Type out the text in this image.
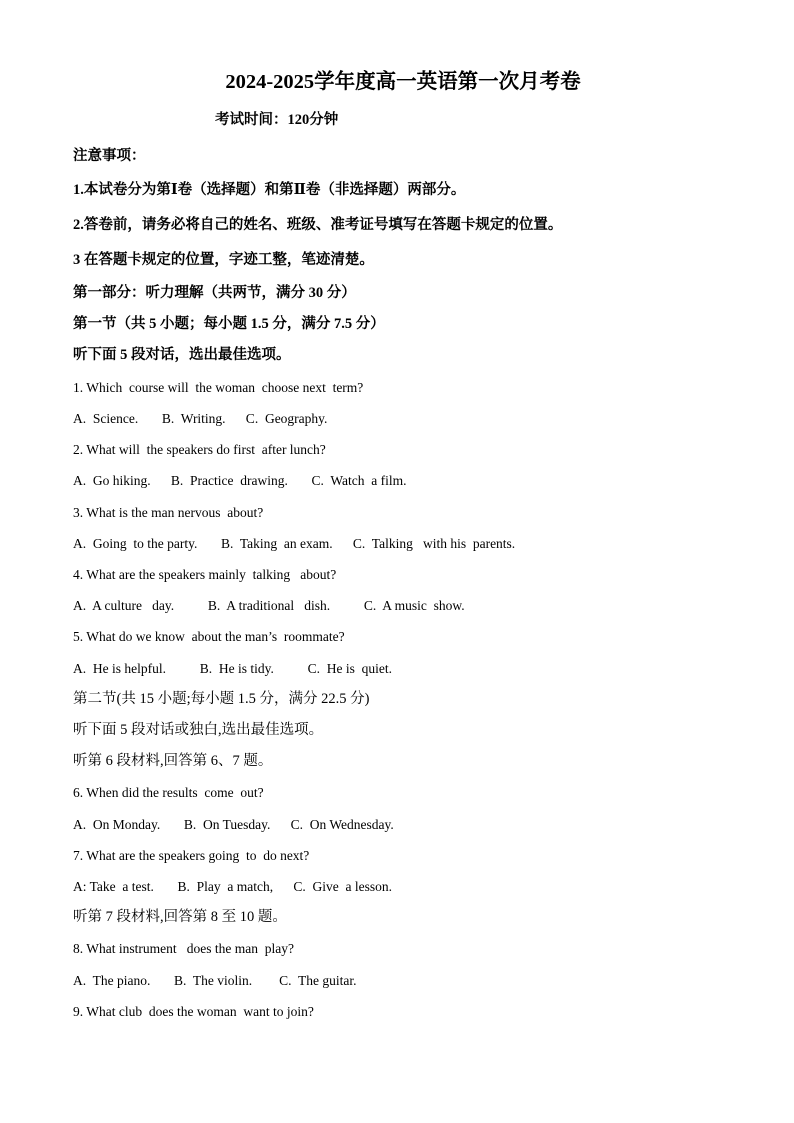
2024-2025学年度高一英语第一次月考卷
考试时间：120分钟
注意事项：
1.本试卷分为第Ⅰ卷（选择题）和第Ⅱ卷（非选择题）两部分。
2.答卷前，请务必将自己的姓名、班级、准考证号填写在答题卡规定的位置。
3 在答题卡规定的位置，字迹工整，笔迹清楚。
第一部分：听力理解（共两节，满分 30 分）
第一节（共 5 小题；每小题 1.5 分，满分 7.5 分）
听下面 5 段对话，选出最佳选项。
1. Which  course will  the woman  choose next  term?
A.  Science.       B.  Writing.      C.  Geography.
2. What will  the speakers do first  after lunch?
A.  Go hiking.      B.  Practice  drawing.       C.  Watch  a film.
3. What is the man nervous  about?
A.  Going  to the party.       B.  Taking  an exam.      C.  Talking   with his  parents.
4. What are the speakers mainly  talking   about?
A.  A culture   day.          B.  A traditional   dish.          C.  A music  show.
5. What do we know  about the man’s  roommate?
A.  He is helpful.          B.  He is tidy.          C.  He is  quiet.
第二节(共 15 小题;每小题 1.5 分，满分 22.5 分)
听下面 5 段对话或独白,选出最佳选项。
听第 6 段材料,回答第 6、7 题。
6. When did the results  come  out?
A.  On Monday.       B.  On Tuesday.      C.  On Wednesday.
7. What are the speakers going  to  do next?
A: Take  a test.       B.  Play  a match,      C.  Give  a lesson.
听第 7 段材料,回答第 8 至 10 题。
8. What instrument   does the man  play?
A.  The piano.       B.  The violin.        C.  The guitar.
9. What club  does the woman  want to join?
